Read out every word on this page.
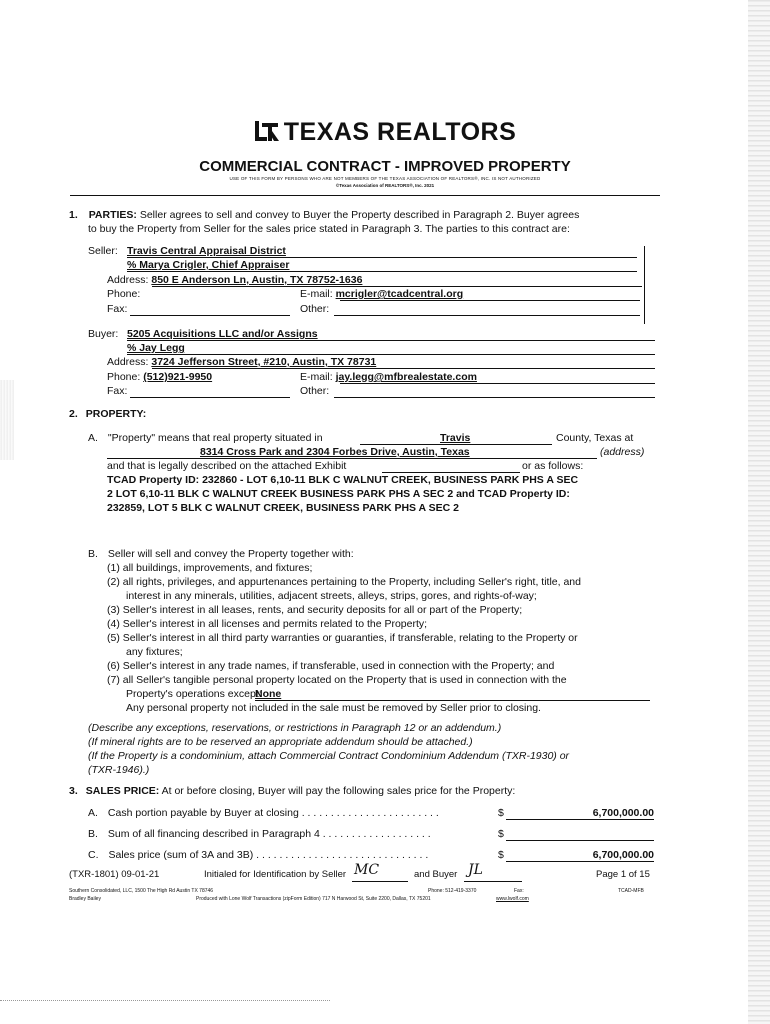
TEXAS REALTORS
COMMERCIAL CONTRACT - IMPROVED PROPERTY
USE OF THIS FORM BY PERSONS WHO ARE NOT MEMBERS OF THE TEXAS ASSOCIATION OF REALTORS®, INC. IS NOT AUTHORIZED
©Texas Association of REALTORS®, Inc. 2021
1. PARTIES: Seller agrees to sell and convey to Buyer the Property described in Paragraph 2. Buyer agrees
to buy the Property from Seller for the sales price stated in Paragraph 3. The parties to this contract are:
Seller: Travis Central Appraisal District
% Marya Crigler, Chief Appraiser
Address: 850 E Anderson Ln, Austin, TX 78752-1636
Phone:	E-mail: mcrigler@tcadcentral.org
Fax:	Other:
Buyer: 5205 Acquisitions LLC and/or Assigns
% Jay Legg
Address: 3724 Jefferson Street, #210, Austin, TX 78731
Phone: (512)921-9950	E-mail: jay.legg@mfbrealestate.com
Fax:	Other:
2. PROPERTY:
A. "Property" means that real property situated in	Travis	County, Texas at
8314 Cross Park and 2304 Forbes Drive, Austin, Texas	(address)
and that is legally described on the attached Exhibit	or as follows:
TCAD Property ID: 232860 - LOT 6,10-11 BLK C WALNUT CREEK, BUSINESS PARK PHS A SEC
2 LOT 6,10-11 BLK C WALNUT CREEK BUSINESS PARK PHS A SEC 2 and TCAD Property ID:
232859, LOT 5 BLK C WALNUT CREEK, BUSINESS PARK PHS A SEC 2
B. Seller will sell and convey the Property together with:
(1) all buildings, improvements, and fixtures;
(2) all rights, privileges, and appurtenances pertaining to the Property, including Seller's right, title, and
interest in any minerals, utilities, adjacent streets, alleys, strips, gores, and rights-of-way;
(3) Seller's interest in all leases, rents, and security deposits for all or part of the Property;
(4) Seller's interest in all licenses and permits related to the Property;
(5) Seller's interest in all third party warranties or guaranties, if transferable, relating to the Property or
any fixtures;
(6) Seller's interest in any trade names, if transferable, used in connection with the Property; and
(7) all Seller's tangible personal property located on the Property that is used in connection with the
Property's operations except:
None
Any personal property not included in the sale must be removed by Seller prior to closing.
(Describe any exceptions, reservations, or restrictions in Paragraph 12 or an addendum.)
(If mineral rights are to be reserved an appropriate addendum should be attached.)
(If the Property is a condominium, attach Commercial Contract Condominium Addendum (TXR-1930) or
(TXR-1946).)
3. SALES PRICE: At or before closing, Buyer will pay the following sales price for the Property:
A. Cash portion payable by Buyer at closing . . . . . . . . . . . . . . . . . . . . . . . .	$	6,700,000.00
B. Sum of all financing described in Paragraph 4 . . . . . . . . . . . . . . . . . . .	$
C. Sales price (sum of 3A and 3B) . . . . . . . . . . . . . . . . . . . . . . . . . . . . . .	$	6,700,000.00
(TXR-1801) 09-01-21	Initialed for Identification by Seller MC	and Buyer JL	Page 1 of 15
Southern Consolidated, LLC, 1500 The High Rd Austin TX 78746	Phone: 512-419-3370	Fax:	TCAD-MFB
Bradley Bailey	Produced with Lone Wolf Transactions (zipForm Edition) 717 N Harwood St, Suite 2200, Dallas, TX 75201	www.lwolf.com
